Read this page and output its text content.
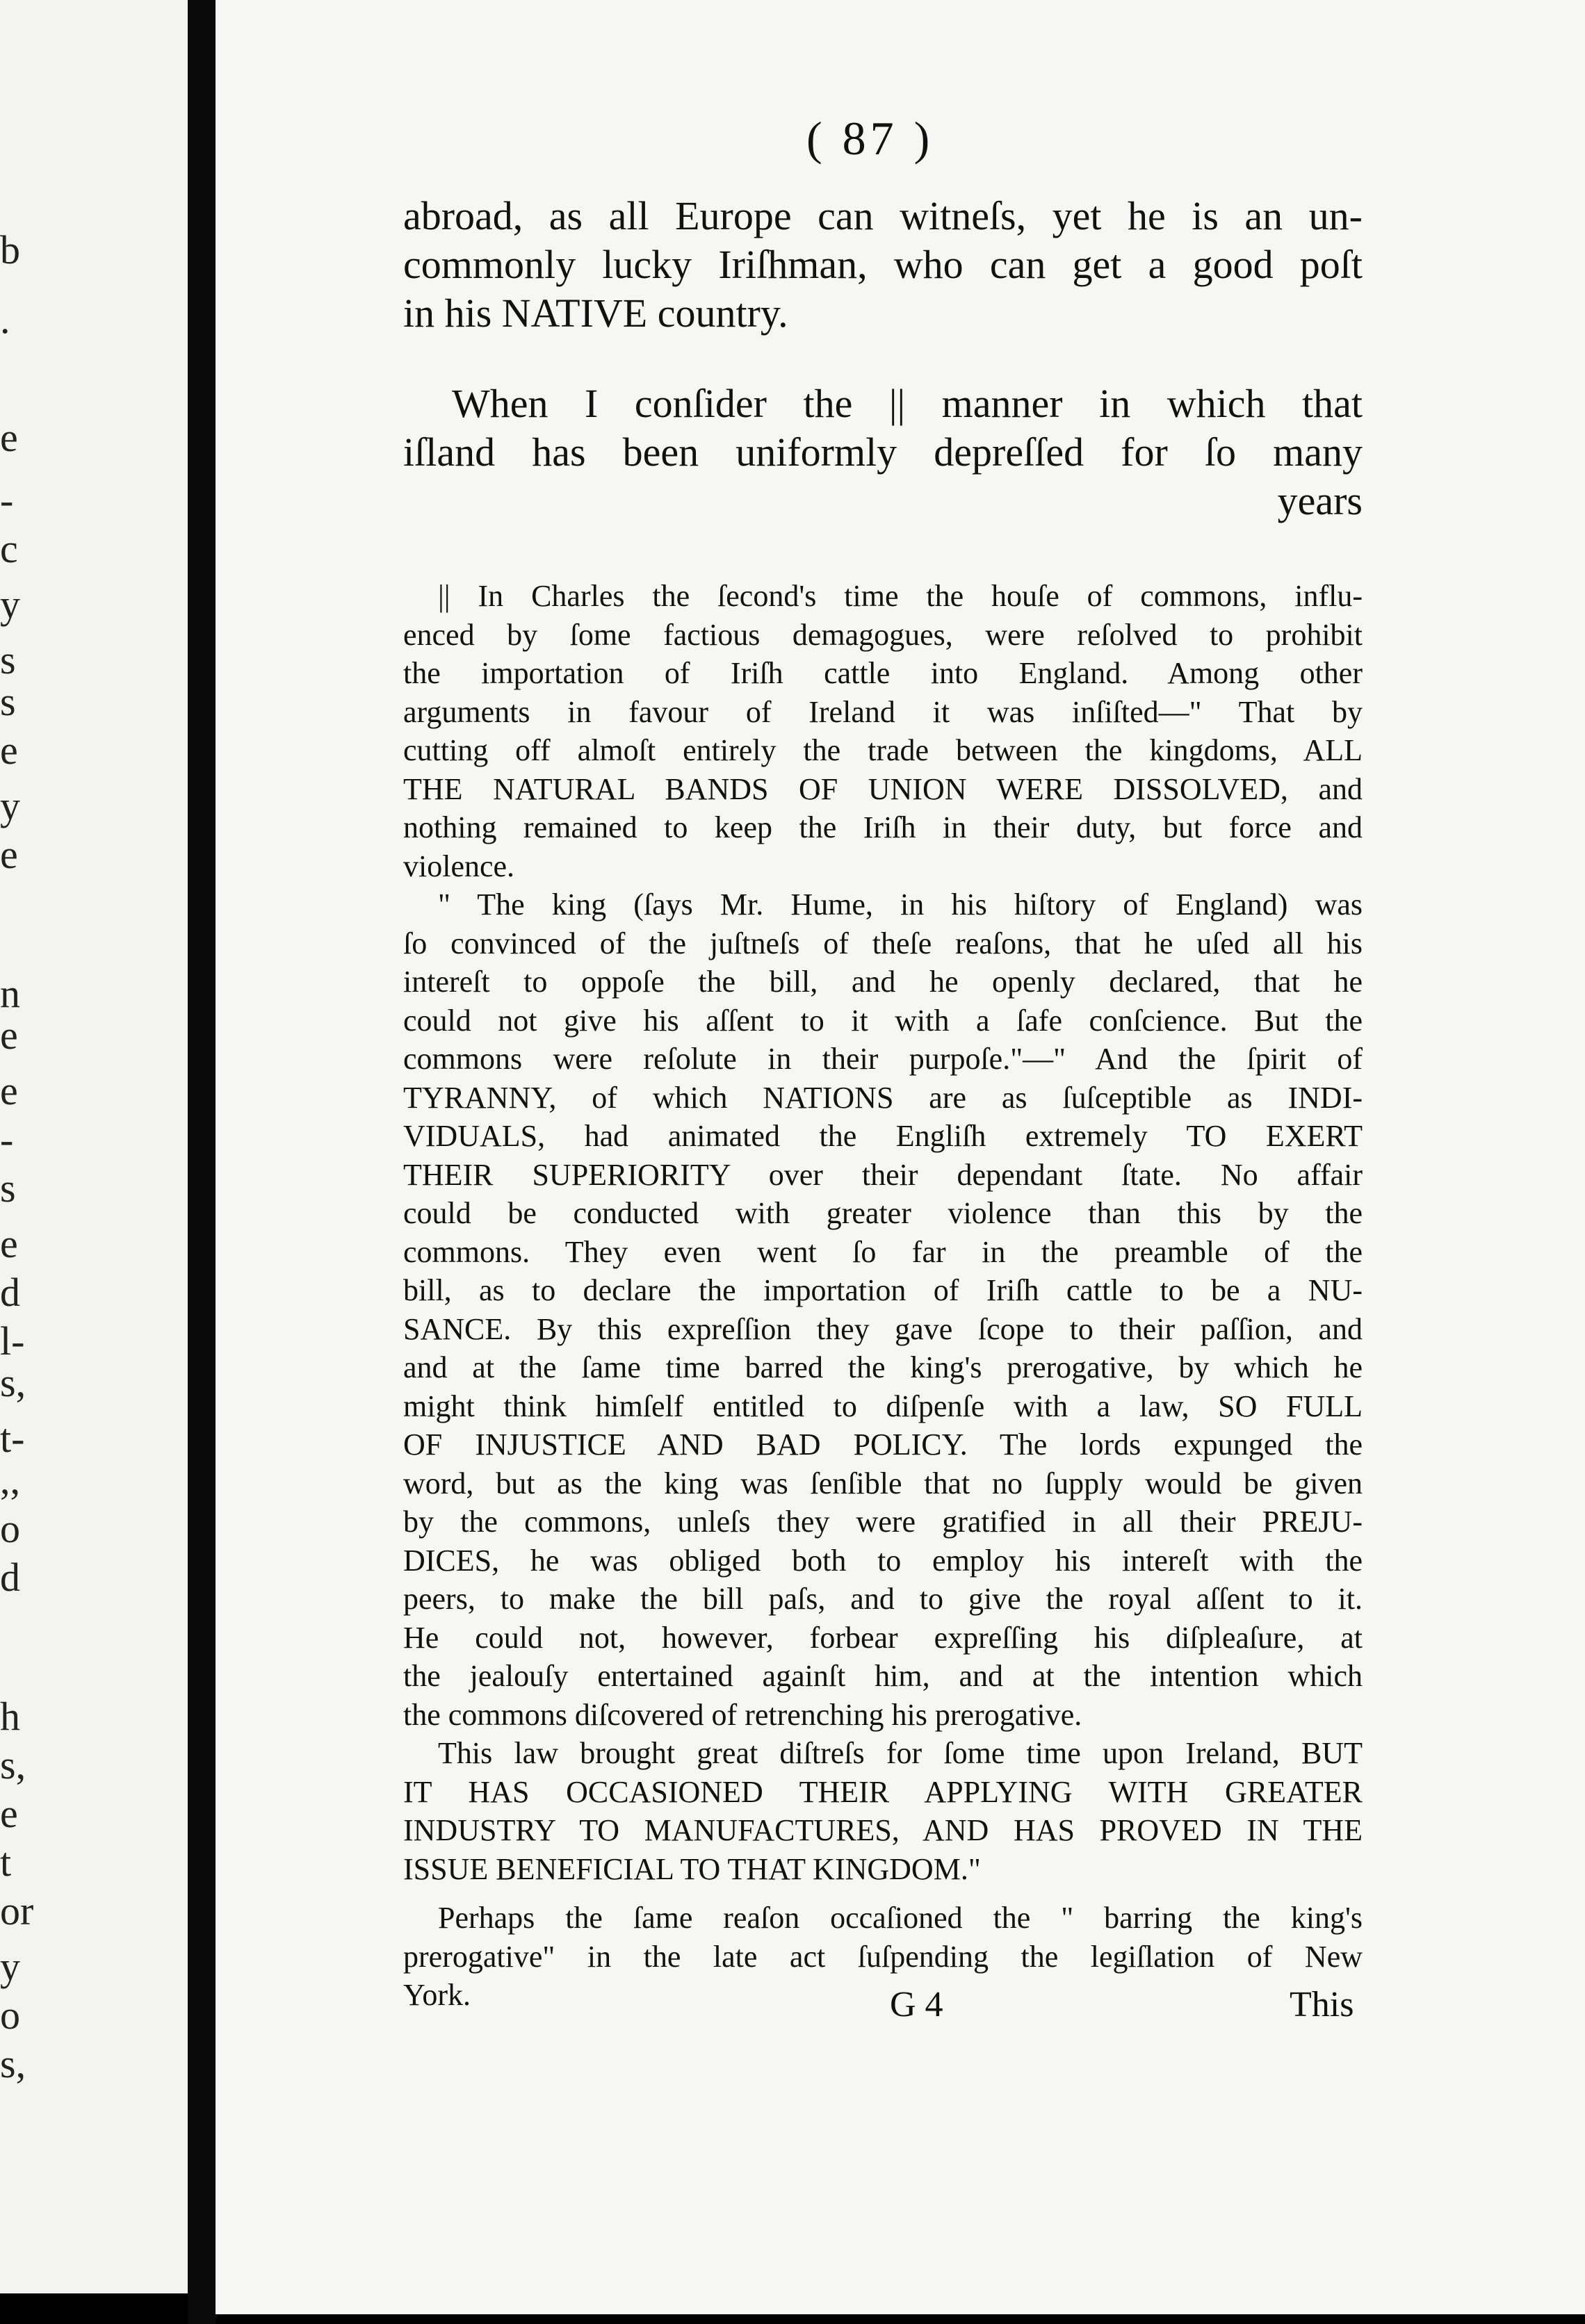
b
.
e
-
c
y
s
s
e
y
e
n
e
e
-
s
e
d
l-
s,
t-
,,
o
d
h
s,
e
t
or
y
o
s,
( 87 )
abroad, as all Europe can witneſs, yet he is an un-
commonly lucky Iriſhman, who can get a good poſt
in his NATIVE country.
When I conſider the || manner in which that
iſland has been uniformly depreſſed for ſo many
years
|| In Charles the ſecond's time the houſe of commons, influ-
enced by ſome factious demagogues, were reſolved to prohibit
the importation of Iriſh cattle into England. Among other
arguments in favour of Ireland it was inſiſted—" That by
cutting off almoſt entirely the trade between the kingdoms, ALL
THE NATURAL BANDS OF UNION WERE DISSOLVED, and
nothing remained to keep the Iriſh in their duty, but force and
violence.
" The king (ſays Mr. Hume, in his hiſtory of England) was
ſo convinced of the juſtneſs of theſe reaſons, that he uſed all his
intereſt to oppoſe the bill, and he openly declared, that he
could not give his aſſent to it with a ſafe conſcience. But the
commons were reſolute in their purpoſe."—" And the ſpirit of
TYRANNY, of which NATIONS are as ſuſceptible as INDI-
VIDUALS, had animated the Engliſh extremely TO EXERT
THEIR SUPERIORITY over their dependant ſtate. No affair
could be conducted with greater violence than this by the
commons. They even went ſo far in the preamble of the
bill, as to declare the importation of Iriſh cattle to be a NU-
SANCE. By this expreſſion they gave ſcope to their paſſion, and
and at the ſame time barred the king's prerogative, by which he
might think himſelf entitled to diſpenſe with a law, SO FULL
OF INJUSTICE AND BAD POLICY. The lords expunged the
word, but as the king was ſenſible that no ſupply would be given
by the commons, unleſs they were gratified in all their PREJU-
DICES, he was obliged both to employ his intereſt with the
peers, to make the bill paſs, and to give the royal aſſent to it.
He could not, however, forbear expreſſing his diſpleaſure, at
the jealouſy entertained againſt him, and at the intention which
the commons diſcovered of retrenching his prerogative.
This law brought great diſtreſs for ſome time upon Ireland, BUT
IT HAS OCCASIONED THEIR APPLYING WITH GREATER
INDUSTRY TO MANUFACTURES, AND HAS PROVED IN THE
ISSUE BENEFICIAL TO THAT KINGDOM."
Perhaps the ſame reaſon occaſioned the " barring the king's
prerogative" in the late act ſuſpending the legiſlation of New
York.	G 4	This
